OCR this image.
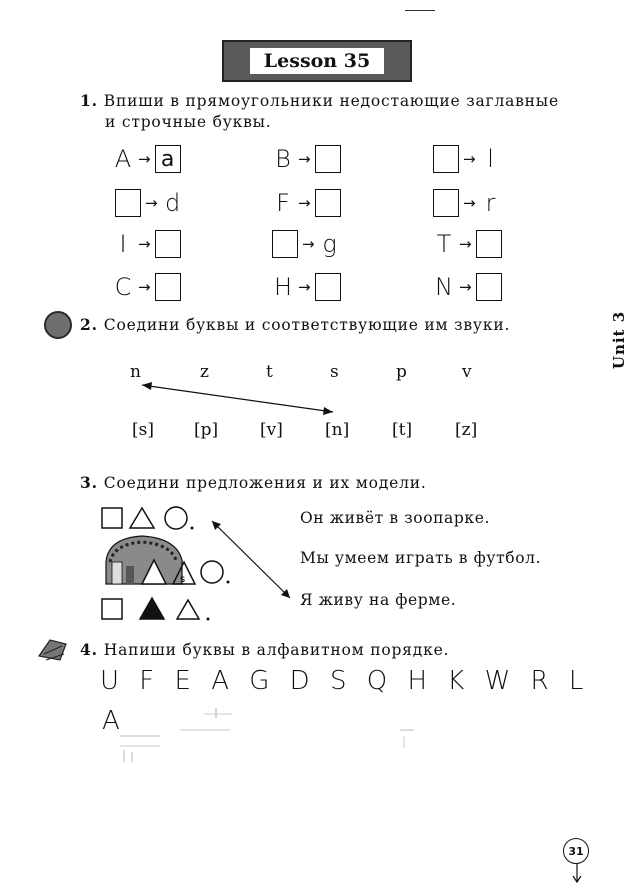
Lesson 35
Unit 3
1. Впиши в прямоугольники недостающие заглавные
и строчные буквы.
A → a	B →	→ l
→ d	F →	→ r
I →	→ g	T →
C →	H →	N →
2. Соедини буквы и соответствующие им звуки.
n	z	t	s	p	v
[s] [p] [v] [n]	[t]	[z]
3. Соедини предложения и их модели.
s
Он живёт в зоопарке.
Мы умеем играть в футбол.
Я живу на ферме.
4. Напиши буквы в алфавитном порядке.
U F E A G D S Q H K W R L
A
31
